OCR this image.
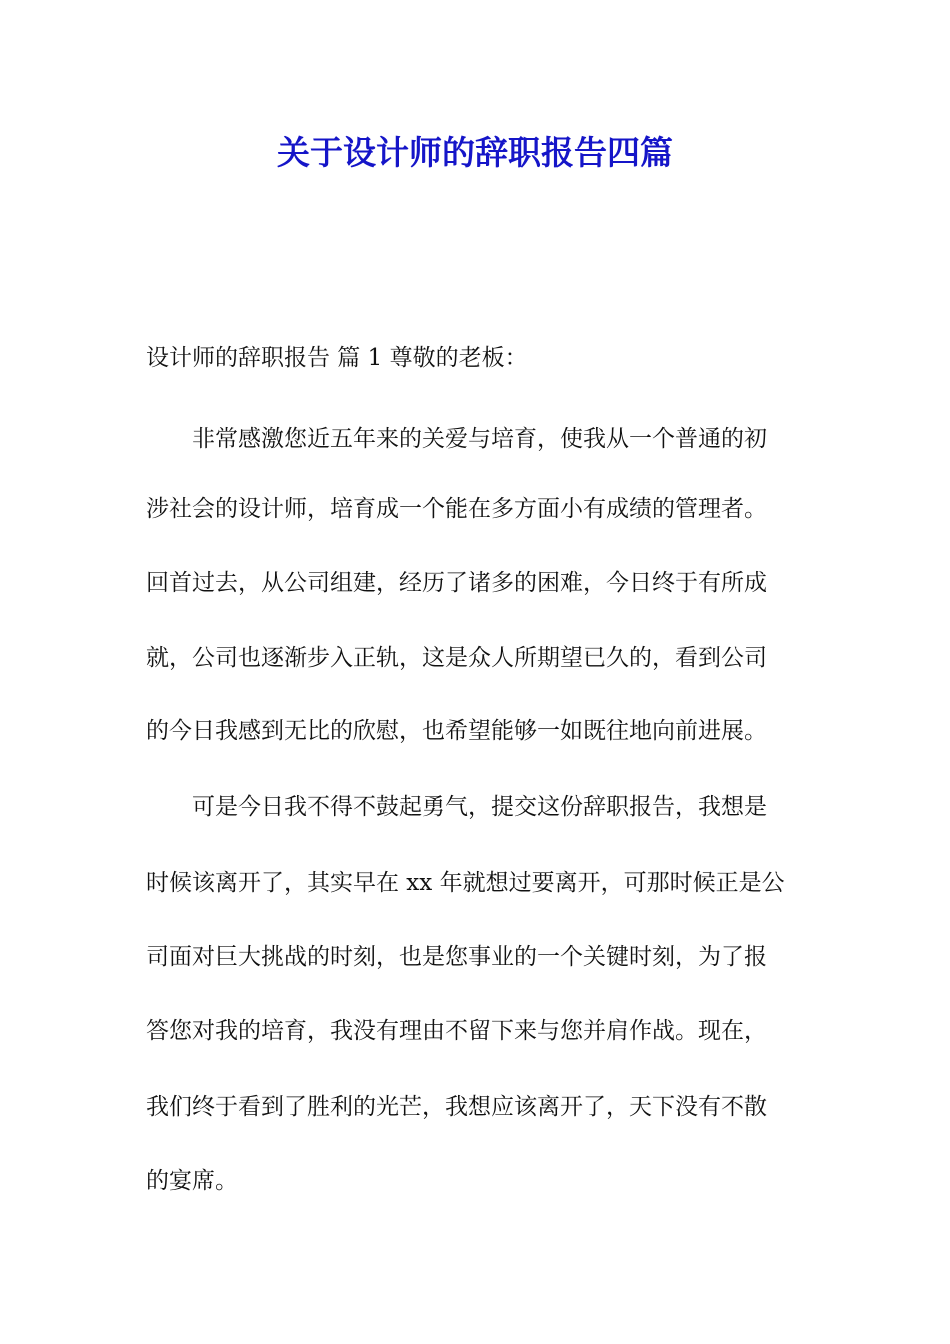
关于设计师的辞职报告四篇
设计师的辞职报告 篇 1 尊敬的老板：
非常感激您近五年来的关爱与培育，使我从一个普通的初
涉社会的设计师，培育成一个能在多方面小有成绩的管理者。
回首过去，从公司组建，经历了诸多的困难，今日终于有所成
就，公司也逐渐步入正轨，这是众人所期望已久的，看到公司
的今日我感到无比的欣慰，也希望能够一如既往地向前进展。
可是今日我不得不鼓起勇气，提交这份辞职报告，我想是
时候该离开了，其实早在 xx 年就想过要离开，可那时候正是公
司面对巨大挑战的时刻，也是您事业的一个关键时刻，为了报
答您对我的培育，我没有理由不留下来与您并肩作战。现在，
我们终于看到了胜利的光芒，我想应该离开了，天下没有不散
的宴席。
